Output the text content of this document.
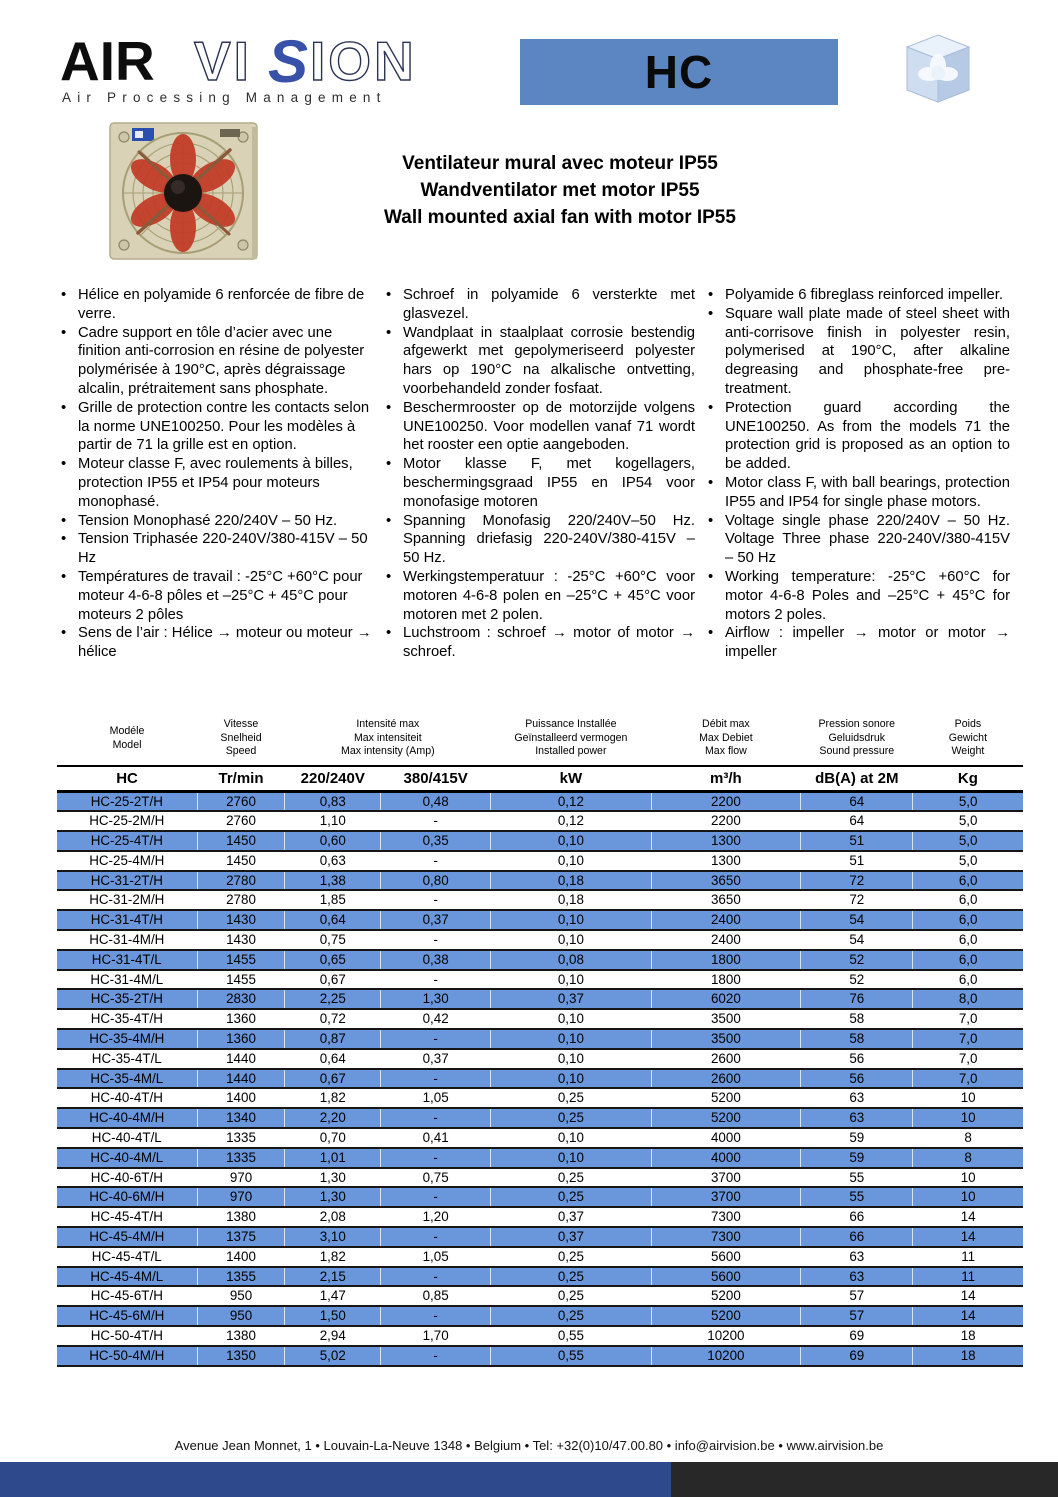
AIR VI S ION
Air Processing Management	HC
Ventilateur mural avec moteur IP55
Wandventilator met motor IP55
Wall mounted axial fan with motor IP55
• Hélice en polyamide 6 renforcée de fibre de verre.
• Cadre support en tôle d’acier avec une finition anti-corrosion en résine de polyester polymérisée à 190°C, après dégraissage alcalin, prétraitement sans phosphate.
• Grille de protection contre les contacts selon la norme UNE100250. Pour les modèles à partir de 71 la grille est en option.
• Moteur classe F, avec roulements à billes, protection IP55 et IP54 pour moteurs monophasé.
• Tension Monophasé 220/240V – 50 Hz.
• Tension Triphasée 220-240V/380-415V – 50 Hz
• Températures de travail : -25°C +60°C pour moteur 4-6-8 pôles et –25°C + 45°C pour moteurs 2 pôles
• Sens de l’air : Hélice → moteur ou moteur → hélice
• Schroef in polyamide 6 versterkte met glasvezel.
• Wandplaat in staalplaat corrosie bestendig afgewerkt met gepolymeriseerd polyester hars op 190°C na alkalische ontvetting, voorbehandeld zonder fosfaat.
• Beschermrooster op de motorzijde volgens UNE100250. Voor modellen vanaf 71 wordt het rooster een optie aangeboden.
• Motor klasse F, met kogellagers, beschermingsgraad IP55 en IP54 voor monofasige motoren
• Spanning Monofasig 220/240V–50 Hz. Spanning driefasig 220-240V/380-415V – 50 Hz.
• Werkingstemperatuur : -25°C +60°C voor motoren 4-6-8 polen en –25°C + 45°C voor motoren met 2 polen.
• Luchstroom : schroef → motor of motor → schroef.
• Polyamide 6 fibreglass reinforced impeller.
• Square wall plate made of steel sheet with anti-corrisove finish in polyester resin, polymerised at 190°C, after alkaline degreasing and phosphate-free pre-treatment.
• Protection guard according the UNE100250. As from the models 71 the protection grid is proposed as an option to be added.
• Motor class F, with ball bearings, protection IP55 and IP54 for single phase motors.
• Voltage single phase 220/240V – 50 Hz. Voltage Three phase 220-240V/380-415V – 50 Hz
• Working temperature: -25°C +60°C for motor 4-6-8 Poles and –25°C + 45°C for motors 2 poles.
• Airflow : impeller → motor or motor → impeller
Modéle
Model

Vitesse
Snelheid
Speed

Intensité max
Max intensiteit
Max intensity (Amp)

Puissance Installée
Geïnstalleerd vermogen
Installed power

Débit max
Max Debiet
Max flow

Pression sonore
Geluidsdruk
Sound pressure

Poids
Gewicht
Weight

HC	Tr/min	220/240V	380/415V	kW	m³/h	dB(A) at 2M	Kg
HC-25-2T/H	2760	0,83	0,48	0,12	2200	64	5,0
HC-25-2M/H	2760	1,10	-	0,12	2200	64	5,0
HC-25-4T/H	1450	0,60	0,35	0,10	1300	51	5,0
HC-25-4M/H	1450	0,63	-	0,10	1300	51	5,0
HC-31-2T/H	2780	1,38	0,80	0,18	3650	72	6,0
HC-31-2M/H	2780	1,85	-	0,18	3650	72	6,0
HC-31-4T/H	1430	0,64	0,37	0,10	2400	54	6,0
HC-31-4M/H	1430	0,75	-	0,10	2400	54	6,0
HC-31-4T/L	1455	0,65	0,38	0,08	1800	52	6,0
HC-31-4M/L	1455	0,67	-	0,10	1800	52	6,0
HC-35-2T/H	2830	2,25	1,30	0,37	6020	76	8,0
HC-35-4T/H	1360	0,72	0,42	0,10	3500	58	7,0
HC-35-4M/H	1360	0,87	-	0,10	3500	58	7,0
HC-35-4T/L	1440	0,64	0,37	0,10	2600	56	7,0
HC-35-4M/L	1440	0,67	-	0,10	2600	56	7,0
HC-40-4T/H	1400	1,82	1,05	0,25	5200	63	10
HC-40-4M/H	1340	2,20	-	0,25	5200	63	10
HC-40-4T/L	1335	0,70	0,41	0,10	4000	59	8
HC-40-4M/L	1335	1,01	-	0,10	4000	59	8
HC-40-6T/H	970	1,30	0,75	0,25	3700	55	10
HC-40-6M/H	970	1,30	-	0,25	3700	55	10
HC-45-4T/H	1380	2,08	1,20	0,37	7300	66	14
HC-45-4M/H	1375	3,10	-	0,37	7300	66	14
HC-45-4T/L	1400	1,82	1,05	0,25	5600	63	11
HC-45-4M/L	1355	2,15	-	0,25	5600	63	11
HC-45-6T/H	950	1,47	0,85	0,25	5200	57	14
HC-45-6M/H	950	1,50	-	0,25	5200	57	14
HC-50-4T/H	1380	2,94	1,70	0,55	10200	69	18
HC-50-4M/H	1350	5,02	-	0,55	10200	69	18
Avenue Jean Monnet, 1 • Louvain-La-Neuve 1348 • Belgium • Tel: +32(0)10/47.00.80 • info@airvision.be • www.airvision.be
